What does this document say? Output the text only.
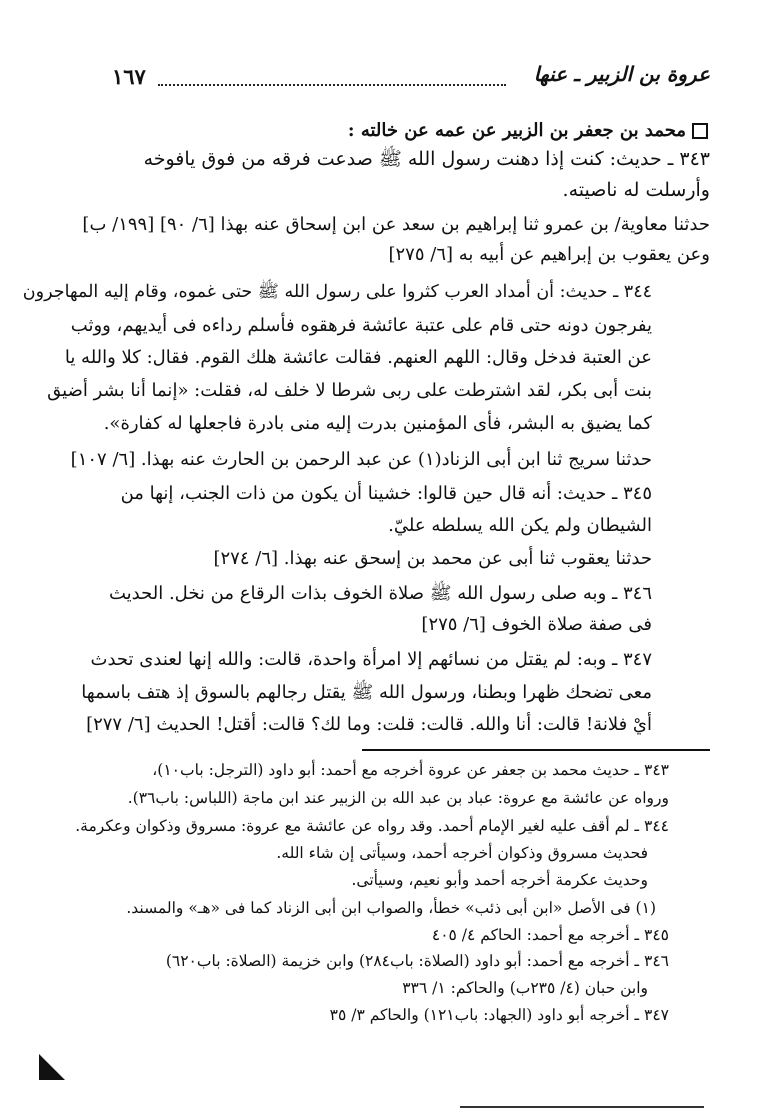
عروة بن الزبير ـ عنها
١٦٧
محمد بن جعفر بن الزبير عن عمه عن خالته :
٣٤٣ ـ حديث: كنت إذا دهنت رسول الله ﷺ صدعت فرقه من فوق يافوخه
وأرسلت له ناصيته.
حدثنا معاوية/ بن عمرو ثنا إبراهيم بن سعد عن ابن إسحاق عنه بهذا [٦/ ٩٠] [١٩٩/ ب]
وعن يعقوب بن إبراهيم عن أبيه به [٦/ ٢٧٥]
٣٤٤ ـ حديث: أن أمداد العرب كثروا على رسول الله ﷺ حتى غموه، وقام إليه المهاجرون
يفرجون دونه حتى قام على عتبة عائشة فرهقوه فأسلم رداءه فى أيديهم، ووثب
عن العتبة فدخل وقال: اللهم العنهم. فقالت عائشة هلك القوم. فقال: كلا والله يا
بنت أبى بكر، لقد اشترطت على ربى شرطا لا خلف له، فقلت: «إنما أنا بشر أضيق
كما يضيق به البشر، فأى المؤمنين بدرت إليه منى بادرة فاجعلها له كفارة».
حدثنا سريج ثنا ابن أبى الزناد(١) عن عبد الرحمن بن الحارث عنه بهذا. [٦/ ١٠٧]
٣٤٥ ـ حديث: أنه قال حين قالوا: خشينا أن يكون من ذات الجنب، إنها من
الشيطان ولم يكن الله يسلطه عليّ.
حدثنا يعقوب ثنا أبى عن محمد بن إسحق عنه بهذا. [٦/ ٢٧٤]
٣٤٦ ـ وبه صلى رسول الله ﷺ صلاة الخوف بذات الرقاع من نخل. الحديث
فى صفة صلاة الخوف [٦/ ٢٧٥]
٣٤٧ ـ وبه: لم يقتل من نسائهم إلا امرأة واحدة، قالت: والله إنها لعندى تحدث
معى تضحك ظهرا وبطنا، ورسول الله ﷺ يقتل رجالهم بالسوق إذ هتف باسمها
أيْ فلانة! قالت: أنا والله. قالت: قلت: وما لك؟ قالت: أقتل! الحديث [٦/ ٢٧٧]
٣٤٣ ـ حديث محمد بن جعفر عن عروة أخرجه مع أحمد: أبو داود (الترجل: باب١٠)،
ورواه عن عائشة مع عروة: عباد بن عبد الله بن الزبير عند ابن ماجة (اللباس: باب٣٦).
٣٤٤ ـ لم أقف عليه لغير الإمام أحمد. وقد رواه عن عائشة مع عروة: مسروق وذكوان وعكرمة.
فحديث مسروق وذكوان أخرجه أحمد، وسيأتى إن شاء الله.
وحديث عكرمة أخرجه أحمد وأبو نعيم، وسيأتى.
(١) فى الأصل «ابن أبى ذئب» خطأ، والصواب ابن أبى الزناد كما فى «هـ» والمسند.
٣٤٥ ـ أخرجه مع أحمد: الحاكم ٤/ ٤٠٥
٣٤٦ ـ أخرجه مع أحمد: أبو داود (الصلاة: باب٢٨٤) وابن خزيمة (الصلاة: باب٦٢٠)
وابن حبان (٤/ ٢٣٥ب) والحاكم: ١/ ٣٣٦
٣٤٧ ـ أخرجه أبو داود (الجهاد: باب١٢١) والحاكم ٣/ ٣٥
